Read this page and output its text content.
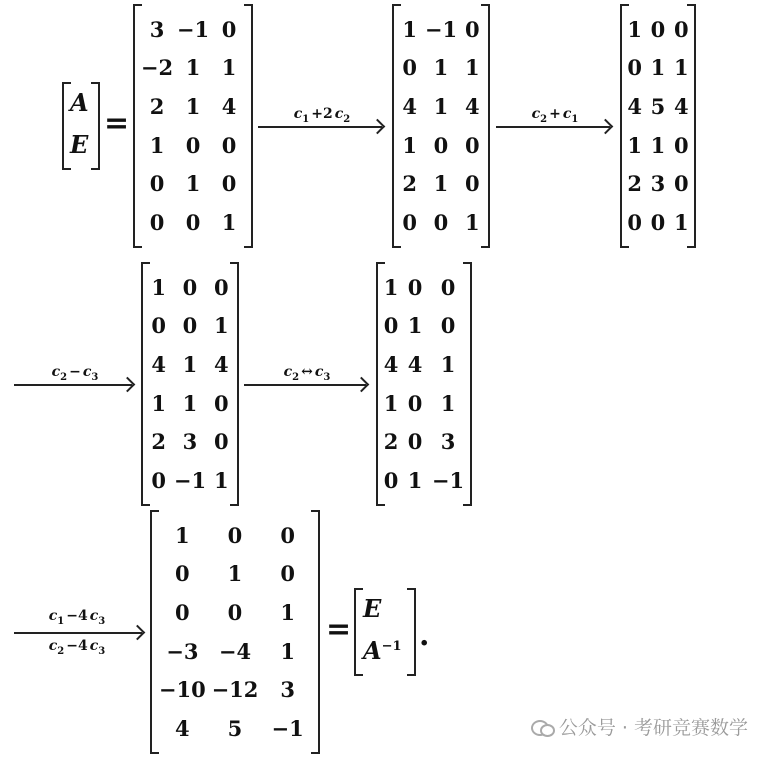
A
E
=
3 −1 0
−2 1	1
2	1	4
1	0	0
0	1	0
0	0	1
$c_1 +2$ $c_2$
1 −1 0
0 1 1
4 1 4
1 0 0
2 1 0
0 0 1
$c_2 + c_1$
1 0 0
0 1 1
4 5 4
1 1 0
2 3 0
0 0 1
$c_2 - c_3$
1 0 0
0 0 1
4 1 4
1 1 0
2 3 0
0 −1 1
$c_2$ ↔ $c_3$
1 0 0
0 1 0
4 4 1
1 0 1
2 0 3
0 1 −1
$c_1 -4$ $c_3$
$c_2 -4$ $c_3$
1	0	0
0	1	0
0	0	1
−3 −4	1
−10 −12	3
4	5	−1
=
E
$A^{-1}$ .
公众号 · 考研竞赛数学
